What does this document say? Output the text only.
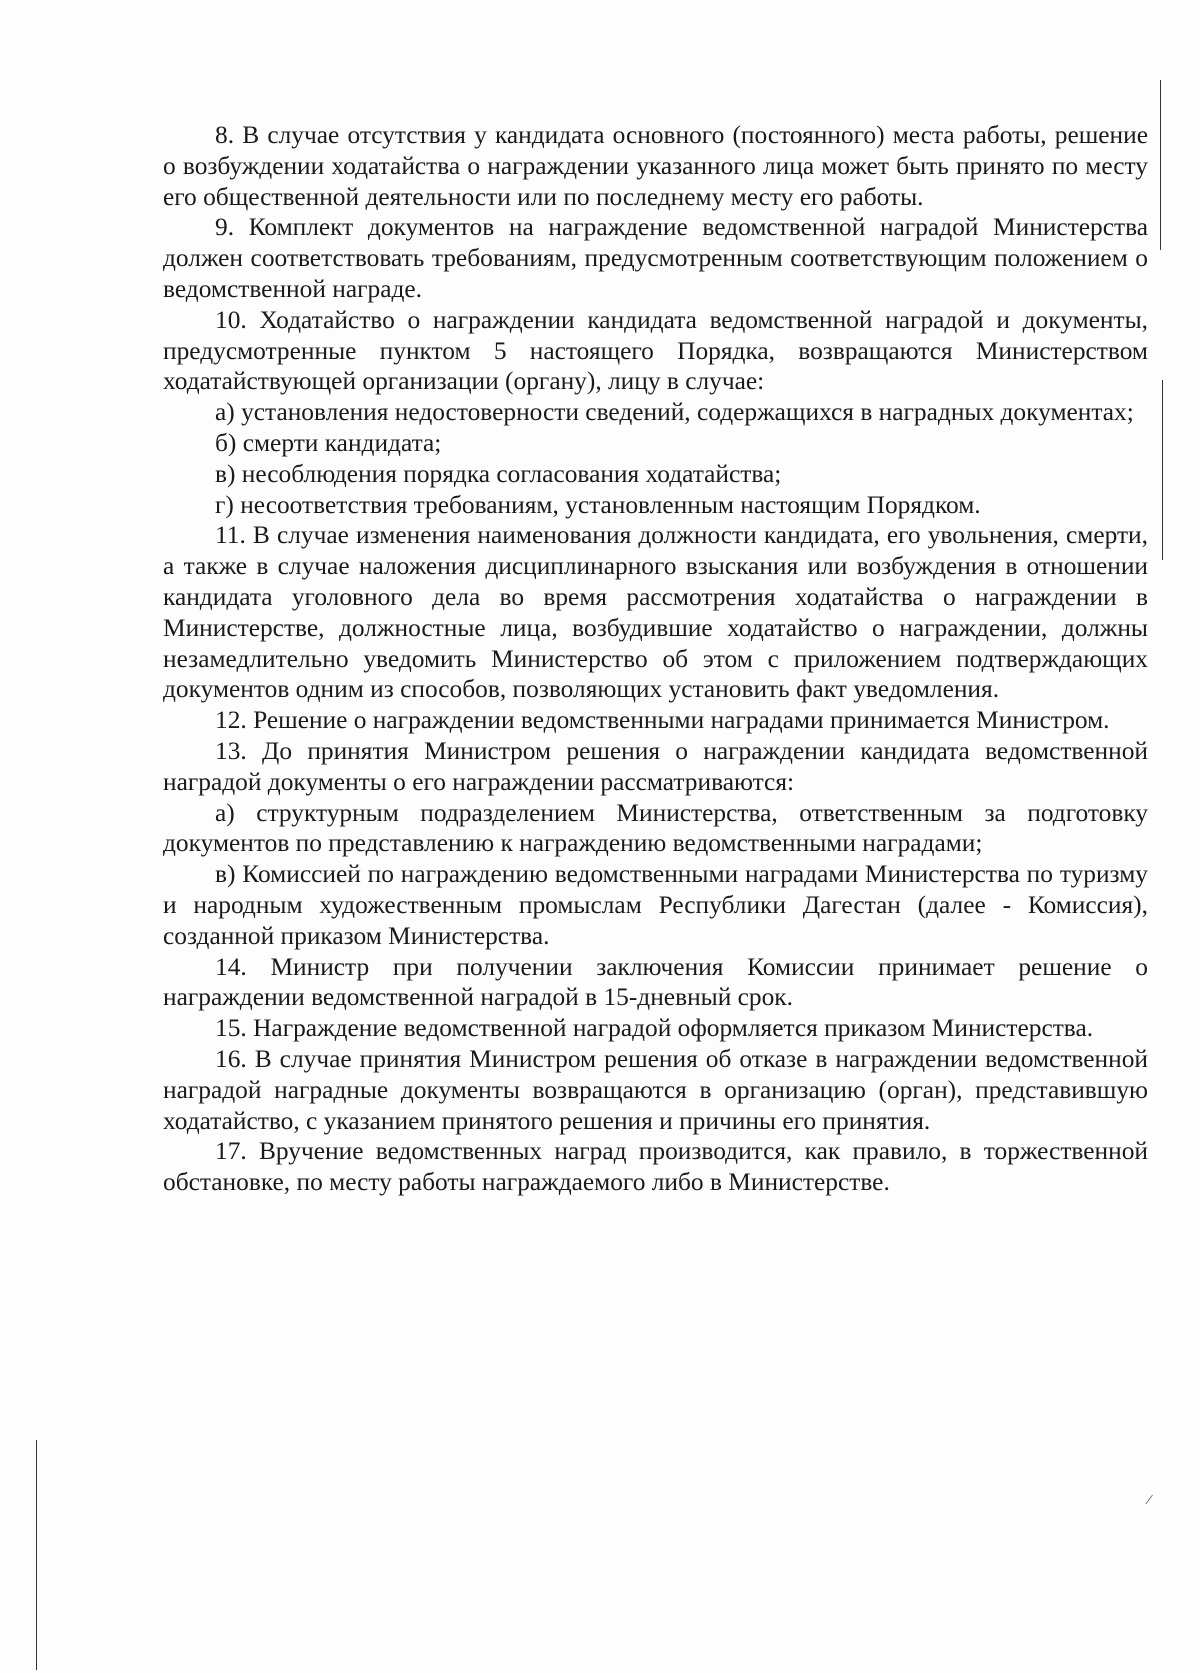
8. В случае отсутствия у кандидата основного (постоянного) места работы, решение о возбуждении ходатайства о награждении указанного лица может быть принято по месту его общественной деятельности или по последнему месту его работы.

9. Комплект документов на награждение ведомственной наградой Министерства должен соответствовать требованиям, предусмотренным соответствующим положением о ведомственной награде.

10. Ходатайство о награждении кандидата ведомственной наградой и документы, предусмотренные пунктом 5 настоящего Порядка, возвращаются Министерством ходатайствующей организации (органу), лицу в случае:

а) установления недостоверности сведений, содержащихся в наградных документах;

б) смерти кандидата;

в) несоблюдения порядка согласования ходатайства;

г) несоответствия требованиям, установленным настоящим Порядком.

11. В случае изменения наименования должности кандидата, его увольнения, смерти, а также в случае наложения дисциплинарного взыскания или возбуждения в отношении кандидата уголовного дела во время рассмотрения ходатайства о награждении в Министерстве, должностные лица, возбудившие ходатайство о награждении, должны незамедлительно уведомить Министерство об этом с приложением подтверждающих документов одним из способов, позволяющих установить факт уведомления.

12. Решение о награждении ведомственными наградами принимается Министром.

13. До принятия Министром решения о награждении кандидата ведомственной наградой документы о его награждении рассматриваются:

а) структурным подразделением Министерства, ответственным за подготовку документов по представлению к награждению ведомственными наградами;

в) Комиссией по награждению ведомственными наградами Министерства по туризму и народным художественным промыслам Республики Дагестан (далее - Комиссия), созданной приказом Министерства.

14. Министр при получении заключения Комиссии принимает решение о награждении ведомственной наградой в 15-дневный срок.

15. Награждение ведомственной наградой оформляется приказом Министерства.

16. В случае принятия Министром решения об отказе в награждении ведомственной наградой наградные документы возвращаются в организацию (орган), представившую ходатайство, с указанием принятого решения и причины его принятия.

17. Вручение ведомственных наград производится, как правило, в торжественной обстановке, по месту работы награждаемого либо в Министерстве.

⁄
